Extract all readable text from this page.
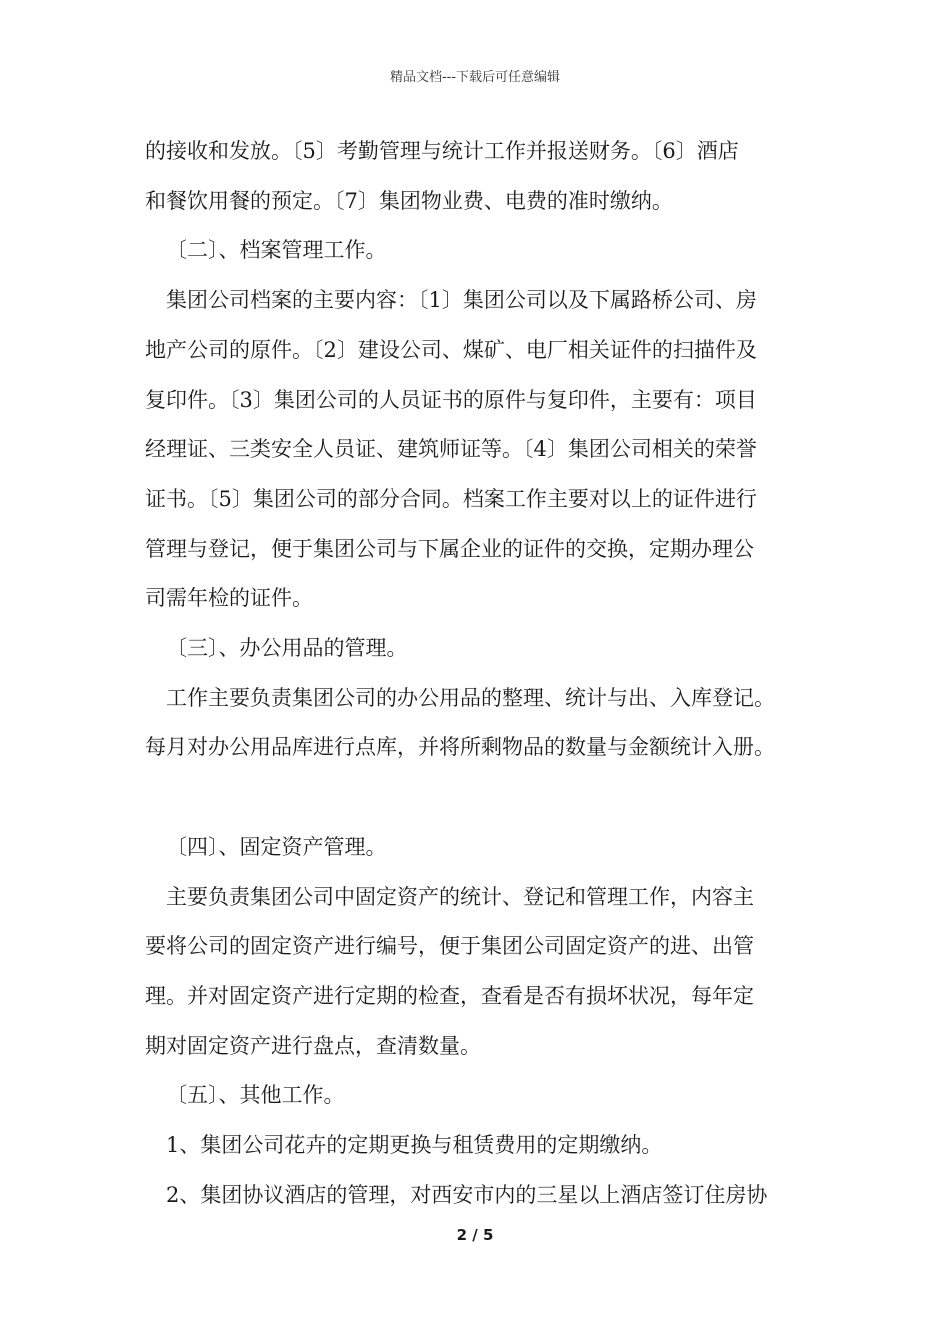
精品文档---下载后可任意编辑

的接收和发放。〔5〕考勤管理与统计工作并报送财务。〔6〕酒店

和餐饮用餐的预定。〔7〕集团物业费、电费的准时缴纳。

〔二〕、档案管理工作。

集团公司档案的主要内容：〔1〕集团公司以及下属路桥公司、房

地产公司的原件。〔2〕建设公司、煤矿、电厂相关证件的扫描件及

复印件。〔3〕集团公司的人员证书的原件与复印件，主要有：项目

经理证、三类安全人员证、建筑师证等。〔4〕集团公司相关的荣誉

证书。〔5〕集团公司的部分合同。档案工作主要对以上的证件进行

管理与登记，便于集团公司与下属企业的证件的交换，定期办理公

司需年检的证件。

〔三〕、办公用品的管理。

工作主要负责集团公司的办公用品的整理、统计与出、入库登记。

每月对办公用品库进行点库，并将所剩物品的数量与金额统计入册。

〔四〕、固定资产管理。

主要负责集团公司中固定资产的统计、登记和管理工作，内容主

要将公司的固定资产进行编号，便于集团公司固定资产的进、出管

理。并对固定资产进行定期的检查，查看是否有损坏状况，每年定

期对固定资产进行盘点，查清数量。

〔五〕、其他工作。

1、集团公司花卉的定期更换与租赁费用的定期缴纳。

2、集团协议酒店的管理，对西安市内的三星以上酒店签订住房协

2 / 5
